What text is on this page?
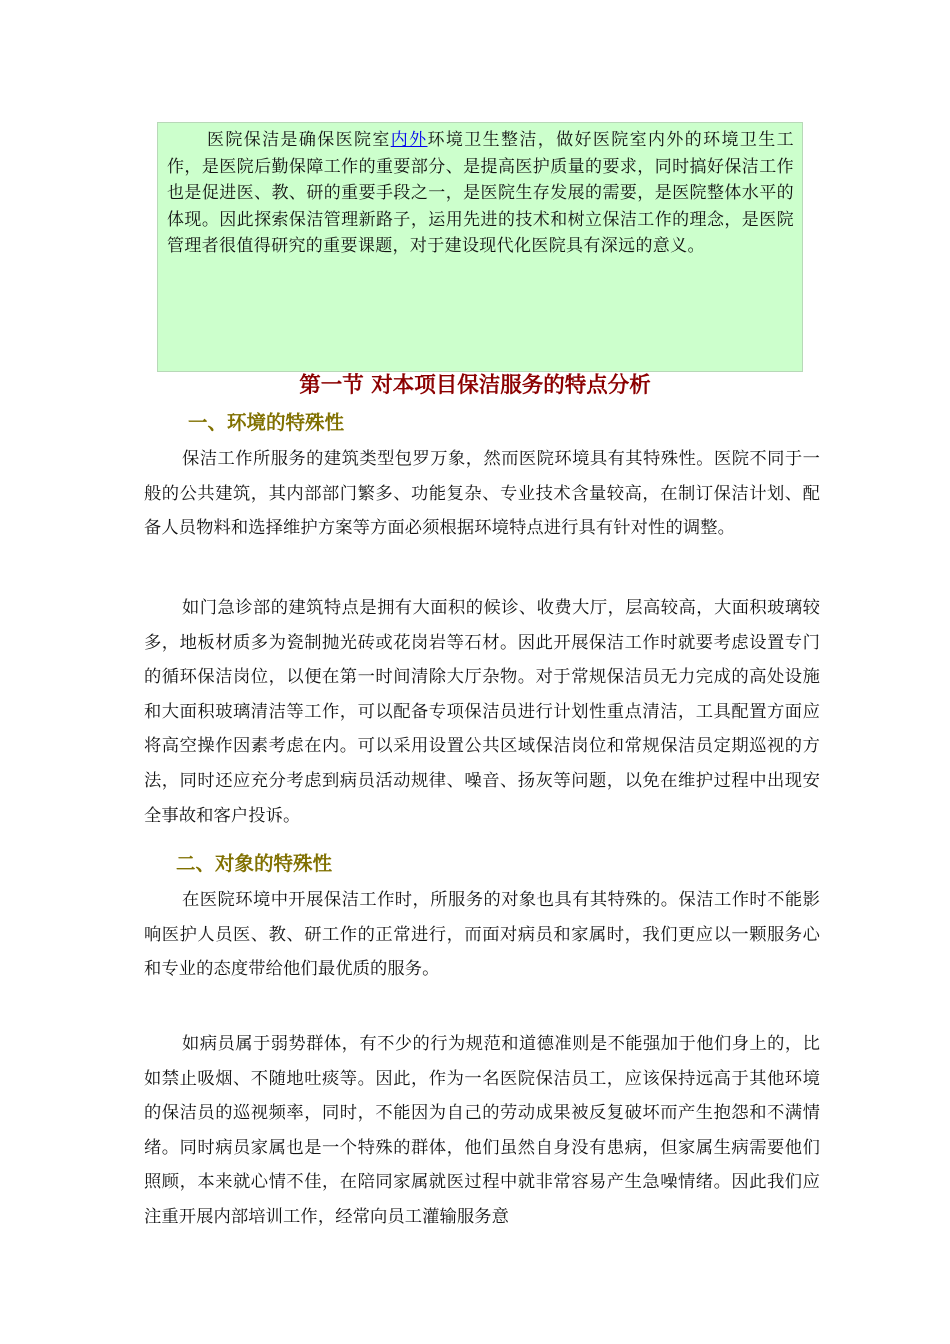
医院保洁是确保医院室内外环境卫生整洁，做好医院室内外的环境卫生工作，是医院后勤保障工作的重要部分、是提高医护质量的要求，同时搞好保洁工作也是促进医、教、研的重要手段之一，是医院生存发展的需要，是医院整体水平的体现。因此探索保洁管理新路子，运用先进的技术和树立保洁工作的理念，是医院管理者很值得研究的重要课题，对于建设现代化医院具有深远的意义。

第一节 对本项目保洁服务的特点分析
一、环境的特殊性

保洁工作所服务的建筑类型包罗万象，然而医院环境具有其特殊性。医院不同于一般的公共建筑，其内部部门繁多、功能复杂、专业技术含量较高，在制订保洁计划、配备人员物料和选择维护方案等方面必须根据环境特点进行具有针对性的调整。

如门急诊部的建筑特点是拥有大面积的候诊、收费大厅，层高较高，大面积玻璃较多，地板材质多为瓷制抛光砖或花岗岩等石材。因此开展保洁工作时就要考虑设置专门的循环保洁岗位，以便在第一时间清除大厅杂物。对于常规保洁员无力完成的高处设施和大面积玻璃清洁等工作，可以配备专项保洁员进行计划性重点清洁，工具配置方面应将高空操作因素考虑在内。可以采用设置公共区域保洁岗位和常规保洁员定期巡视的方法，同时还应充分考虑到病员活动规律、噪音、扬灰等问题，以免在维护过程中出现安全事故和客户投诉。

二、对象的特殊性

在医院环境中开展保洁工作时，所服务的对象也具有其特殊的。保洁工作时不能影响医护人员医、教、研工作的正常进行，而面对病员和家属时，我们更应以一颗服务心和专业的态度带给他们最优质的服务。

如病员属于弱势群体，有不少的行为规范和道德准则是不能强加于他们身上的，比如禁止吸烟、不随地吐痰等。因此，作为一名医院保洁员工，应该保持远高于其他环境的保洁员的巡视频率，同时，不能因为自己的劳动成果被反复破坏而产生抱怨和不满情绪。同时病员家属也是一个特殊的群体，他们虽然自身没有患病，但家属生病需要他们照顾，本来就心情不佳，在陪同家属就医过程中就非常容易产生急噪情绪。因此我们应注重开展内部培训工作，经常向员工灌输服务意
